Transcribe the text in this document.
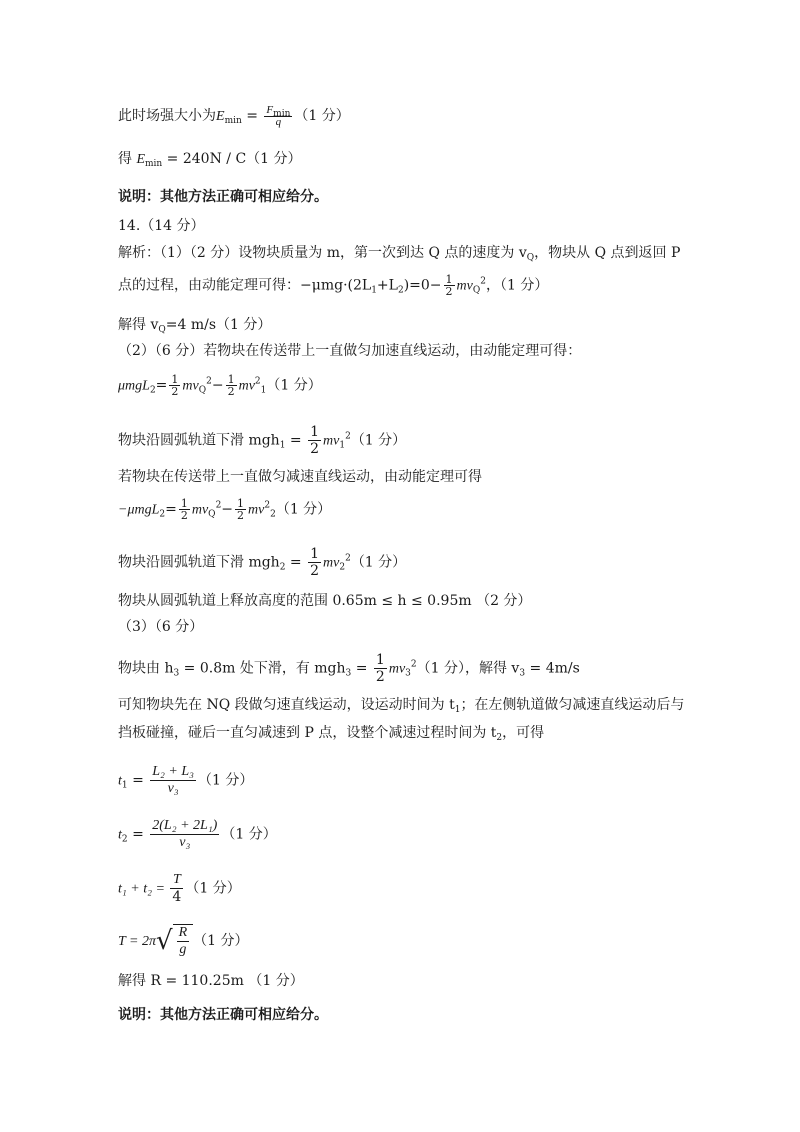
此时场强大小为$E_{min} = \frac{F_{min}}{q} (1$ 分）
得 $E_{min} = 240N / C(1$ 分）
说明：其他方法正确可相应给分。
14.（14 分）
解析：（1）（2 分）设物块质量为 m，第一次到达 Q 点的速度为 $v_Q$，物块从 Q 点到返回 P
点的过程，由动能定理可得：$-\mu mg\cdot(2L_1+L_2)=0- \frac{1}{2} mv_Q^2$，（1 分）
解得 $v_Q=4$ m/s（1 分）
（2）（6 分）若物块在传送带上一直做匀加速直线运动，由动能定理可得：
$\mu mgL_2= \frac{1}{2} mv_Q^2- \frac{1}{2} mv^2_1(1$ 分）
物块沿圆弧轨道下滑 $mgh_1 = \frac{1}{2} mv_1^2(1$ 分）
若物块在传送带上一直做匀减速直线运动，由动能定理可得
$-\mu mgL_2= \frac{1}{2} mv_Q^2- \frac{1}{2} mv^2_2(1$ 分）
物块沿圆弧轨道下滑 $mgh_2 = \frac{1}{2} mv_2^2(1$ 分）
物块从圆弧轨道上释放高度的范围 0.65m ≤ h ≤ 0.95m （2 分）
（3）（6 分）
物块由 $h_3 = 0.8m$ 处下滑，有 $mgh_3 = \frac{1}{2} mv_3^2(1$ 分），解得 $v_3 = 4m/s$
可知物块先在 NQ 段做匀速直线运动，设运动时间为 $t_1$；在左侧轨道做匀减速直线运动后与
挡板碰撞，碰后一直匀减速到 P 点，设整个减速过程时间为 $t_2$，可得
$t_1 = \frac{\text{L₂ + L₃}}{\text{v₃}} (1$ 分）
$t_2 = \frac{\text{2(L₂ + 2L₁)}}{\text{v₃}} (1$ 分）
$t_1 + t_2 = \frac{T}{4} (1$ 分）
$T = 2\pi√ \frac{R}{g} (1$ 分）
解得 R = 110.25m （1 分）
说明：其他方法正确可相应给分。
